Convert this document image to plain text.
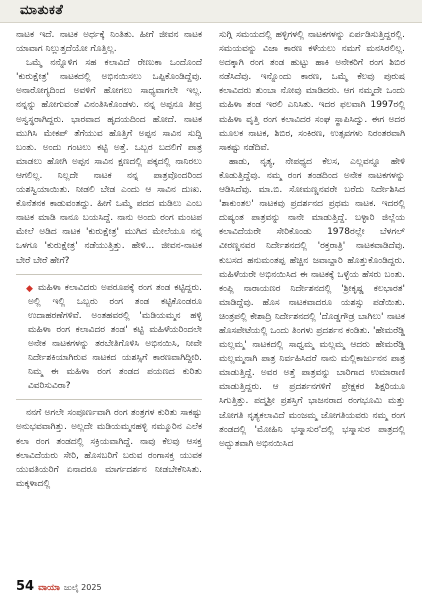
ಮಾತುಕತೆ

ನಾಟಕ ಇದೆ. ನಾಟಕ ಅರ್ಧಕ್ಕೆ ನಿಂತಿತು. ಹೀಗೆ ಜೀವನ ನಾಟಕ ಯಾವಾಗ ನಿಲ್ಲುತ್ತದೆಯೋ ಗೊತ್ತಿಲ್ಲ.

ಒಮ್ಮೆ ನನ್ನೊಳಿಗ ಸಹ ಕಲಾವಿದೆ ರೇಣುಕಾ ಒಂದೊಂದೆ 'ಕುರುಕ್ಷೇತ್ರ' ನಾಟಕದಲ್ಲಿ ಅಭಿನಯಿಸಲು ಒಪ್ಪಿಕೊಂಡಿದ್ದೆವು. ಅನಾರೋಗ್ಯದಿಂದ ಅವಳಿಗೆ ಹೋಗಲು ಸಾಧ್ಯವಾಗಲೇ ಇಲ್ಲ. ನನ್ನನ್ನು ಹೋಗುವಂತೆ ವಿನಂತಿಸಿಕೊಂಡಳು. ನನ್ನ ಅಪ್ಪನೂ ತೀವ್ರ ಅಸ್ವಸ್ಥರಾಗಿದ್ದರು. ಭಾರವಾದ ಹೃದಯದಿಂದ ಹೋದೆ. ನಾಟಕ ಮುಗಿಸಿ ಮೇಕಪ್ ತೆಗೆಯುವ ಹೊತ್ತಿಗೆ ಅಪ್ಪನ ಸಾವಿನ ಸುದ್ದಿ ಬಂತು. ಅಂದು ಗಂಟಲು ಕಟ್ಟಿ ಅತ್ತೆ. ಒಬ್ಬರ ಬದಲಿಗೆ ಪಾತ್ರ ಮಾಡಲು ಹೋಗಿ ಅಪ್ಪನ ಸಾವಿನ ಕ್ಷಣದಲ್ಲಿ ಪಕ್ಕದಲ್ಲಿ ನಾನಿರಲು ಆಗಲಿಲ್ಲ. ನಿಲ್ಲದೇ ನಾಟಕ ನನ್ನ ಪಾತ್ರವೊಂದರಿಂದ ಯಶಸ್ವಿಯಾಯಿತು. ನೀಡಲಿ ಬೇಡ ಎಂದು ಆ ಸಾವಿನ ದುಃಖ. ಕೊನೆತನಕ ಕಾಡುವಂತದ್ದು. ಹೀಗೆ ಒಮ್ಮೆ ಪದದ ಮಡಿಲು ಎಂಬ ನಾಟಕ ಮಾಡಿ ನಾನೂ ಬಯಸಿದ್ದೆ. ನಾನು ಅಂದು ರಂಗ ಮಂಟಪ ಮೇಲೆ ಅಡಿದ ನಾಟಕ 'ಕುರುಕ್ಷೇತ್ರ' ಮುಗಿದ ಮೇಲೆಯೂ ನನ್ನ ಒಳಗೂ 'ಕುರುಕ್ಷೇತ್ರ' ನಡೆಯುತ್ತಿತ್ತು. ಹೇಳಿ... ಜೀವನ-ನಾಟಕ ಬೇರೆ ಬೇರೆ ಹೇಗೆ?

◆ ಮಹಿಳಾ ಕಲಾವಿದರು ಅಪರೂಪಕ್ಕೆ ರಂಗ ತಂಡ ಕಟ್ಟಿದ್ದರು. ಅಲ್ಲಿ ಇಲ್ಲಿ ಒಬ್ಬರು ರಂಗ ತಂಡ ಕಟ್ಟಿಕೊಂಡರೂ ಉದಾಹರಣೆಗಳಿವೆ. ಅಂತಹವರಲ್ಲಿ 'ಮಡಿಯಮ್ಮನ ಹಳ್ಳಿ ಮಹಿಳಾ ರಂಗ ಕಲಾವಿದರ ತಂಡ' ಕಟ್ಟಿ ಮಹಿಳೆಯರಿಂದಲೇ ಅನೇಕ ನಾಟಕಗಳನ್ನು ತರಬೇತಿಗೊಳಿಸಿ ಅಭಿನಯಿಸಿ, ನೀವೇ ನಿರ್ದೇಶಕಿಯಾಗಿರುವ ನಾಟಕದ ಯಶಸ್ಸಿಗೆ ಕಾರಣವಾಗಿದ್ದೀರಿ. ನಿಮ್ಮ ಈ ಮಹಿಳಾ ರಂಗ ತಂಡದ ಪಯಣದ ಕುರಿತು ವಿವರಿಸುವಿರಾ?

ನನಗೆ ಅಗಲೇ ಸಂಪೂರ್ಣವಾಗಿ ರಂಗ ತಂತ್ರಗಳ ಕುರಿತು ಸಾಕಷ್ಟು ಅನುಭವವಾಗಿತ್ತು. ಅಲ್ಲದೇ ಮಡಿಯಮ್ಮನಹಳ್ಳಿ ನಮ್ಮೂರಿನ ಎಲೆಕ ಕಲಾ ರಂಗ ತಂಡದಲ್ಲಿ ಸಕ್ರಿಯವಾಗಿದ್ದೆ. ನಾವು ಕೆಲವು ಆಸಕ್ತ ಕಲಾವಿದೆಯರು ಸೇರಿ, ಹೊಸಬರಿಗೆ ಬರುವ ರಂಗಾಸಕ್ತ ಯುವಕ ಯುವತಿಯರಿಗೆ ಏನಾದರೂ ಮಾರ್ಗದರ್ಶನ ನೀಡಬೇಕೆನಿಸಿತು. ಮಕ್ಕಳಾದಲ್ಲಿ

ಸುಗ್ಗಿ ಸಮಯದಲ್ಲಿ ಹಳ್ಳಿಗಳಲ್ಲಿ ನಾಟಕಗಳನ್ನು ಏರ್ಪಡಿಸುತ್ತಿದ್ದರಲ್ಲಿ. ಸಮಯವನ್ನು ವಿಜಾ ಕಾರಣ ಕಳೆಯಲು ನಮಗೆ ಮನಸಿರಲಿಲ್ಲ. ಅದಕ್ಕಾಗಿ ರಂಗ ತಂಡ ಹುಟ್ಟು ಹಾಕಿ ಅನೇಕರಿಗೆ ರಂಗ ಶಿಬಿರ ನಡೆಸಿದೆವು. ಇನ್ನೊಂದು ಕಾರಣ, ಒಮ್ಮೆ ಕೆಲವು ಪುರುಷ ಕಲಾವಿದರು ತುಂಬಾ ನೋವು ಮಾಡಿದರು. ಆಗ ನಮ್ಮದೇ ಒಂದು ಮಹಿಳಾ ತಂಡ ಇರಲಿ ಎನಿಸಿತು. ಇದರ ಫಲವಾಗಿ 1997ರಲ್ಲಿ ಮಹಿಳಾ ವೃತ್ತಿ ರಂಗ ಕಲಾವಿದರ ಸಂಘ ಸ್ಥಾಪಿಸಿದ್ವು. ಈಗ ಅದರ ಮೂಲಕ ನಾಟಕ, ಶಿಬಿರ, ಸಂಕಿರಣ, ಉತ್ಸವಗಳು ನಿರಂತರವಾಗಿ ಸಾಕಷ್ಟು ನಡೆದಿವೆ.

ಹಾಡು, ನೃತ್ಯ, ನೇಪಥ್ಯದ ಕೆಲಸ, ಎಲ್ಲವನ್ನೂ ಹೇಳಿ ಕೊಡುತ್ತಿದ್ದೆವು. ನಮ್ಮ ರಂಗ ತಂಡದಿಂದ ಅನೇಕ ನಾಟಕಗಳನ್ನು ಆಡಿಸಿದೆವು. ಮಾ.ಬಿ. ಸೋಮಣ್ಣನವರೇ ಬರೆದು ನಿರ್ದೇಶಿಸಿದ 'ಶಾಕುಂತಲ' ನಾಟಕವು ಪ್ರದರ್ಶನದ ಪ್ರಥಮ ನಾಟಕ. ಇದರಲ್ಲಿ ದುಷ್ಯಂತ ಪಾತ್ರವನ್ನು ನಾನೇ ಮಾಡುತ್ತಿದ್ದೆ. ಬಳ್ಳಾರಿ ಜಿಲ್ಲೆಯ ಕಲಾವಿದೆಯರೇ ಸೇರಿಕೊಂಡು 1978ರಲ್ಲೇ ಬೆಳಗಲ್ ವೀರಣ್ಣನವರ ನಿರ್ದೇಶನದಲ್ಲಿ 'ರಕ್ತರಾತ್ರಿ' ನಾಟಕವಾಡಿದೆವು. ಕುಬಸದ ಹನುಮಂತಪ್ಪ ಹೆಚ್ಚಿನ ಜವಾಬ್ದಾರಿ ಹೊತ್ತುಕೊಂಡಿದ್ದರು. ಮಹಿಳೆಯರೇ ಅಭಿನಯಿಸಿದ ಈ ನಾಟಕಕ್ಕೆ ಒಳ್ಳೆಯ ಹೆಸರು ಬಂತು. ಕಂಪ್ಲಿ ನಾರಾಯಣರ ನಿರ್ದೇಶನದಲ್ಲಿ 'ಶ್ರೀಕೃಷ್ಣ ಕಲಭಾರತ' ಮಾಡಿದ್ದೆವು. ಹೊಸ ನಾಟಕವಾದರೂ ಯಶಸ್ಸು ಪಡೆಯಿತು. ಚಿಂತ್ರಪಲ್ಲಿ ಕೇಶಾದ್ರಿ ನಿರ್ದೇಶನದಲ್ಲಿ 'ದೊಡ್ಡಗೌಡ್ರ ಬಾಗಿಲು' ನಾಟಕ ಹೊಸಪೇಟೆಯಲ್ಲಿ ಒಂದು ತಿಂಗಳು ಪ್ರದರ್ಶನ ಕಂಡಿತು. 'ಹೇಮರೆಡ್ಡಿ ಮಲ್ಲಮ್ಮ' ನಾಟಕದಲ್ಲಿ ಸಾಧ್ವಮ್ಮ ಮಲ್ಲಮ್ಮ ಆದರು ಹೇಮರೆಡ್ಡಿ ಮಲ್ಲಮ್ಮನಾಗಿ ಪಾತ್ರ ನಿರ್ವಹಿಸಿದರೆ ನಾನು ಮಲ್ಲಿಕಾರ್ಜುನನ ಪಾತ್ರ ಮಾಡುತ್ತಿದ್ದೆ. ಅವರ ಅತ್ತೆ ಪಾತ್ರವನ್ನು ಬಾರಿಗಾದ ಉಮಾರಾಣಿ ಮಾಡುತ್ತಿದ್ದರು. ಆ ಪ್ರದರ್ಶನಗಳಿಗೆ ಪ್ರೇಕ್ಷಕರ ಶಿಕ್ಷರಿಯೂ ಸಿಗುತ್ತಿತ್ತು. ಪದ್ಮಶ್ರೀ ಪ್ರಶಸ್ತಿಗೆ ಭಾಜನರಾದ ರಂಗಭೂಮಿ ಮತ್ತು ಜೋಗತಿ ನೃತ್ಯಕಲಾವಿದೆ ಮಂಜಮ್ಮ ಜೋಗತಿಯವರು ನಮ್ಮ ರಂಗ ತಂಡದಲ್ಲಿ 'ಮೋಹಿನಿ ಭಸ್ಮಾಸುರ'ದಲ್ಲಿ ಭಸ್ಮಾಸುರ ಪಾತ್ರದಲ್ಲಿ ಅದ್ಭುತವಾಗಿ ಅಭಿನಯಿಸಿದ

54 ವಾಯಾ ಜುಲೈ 2025
